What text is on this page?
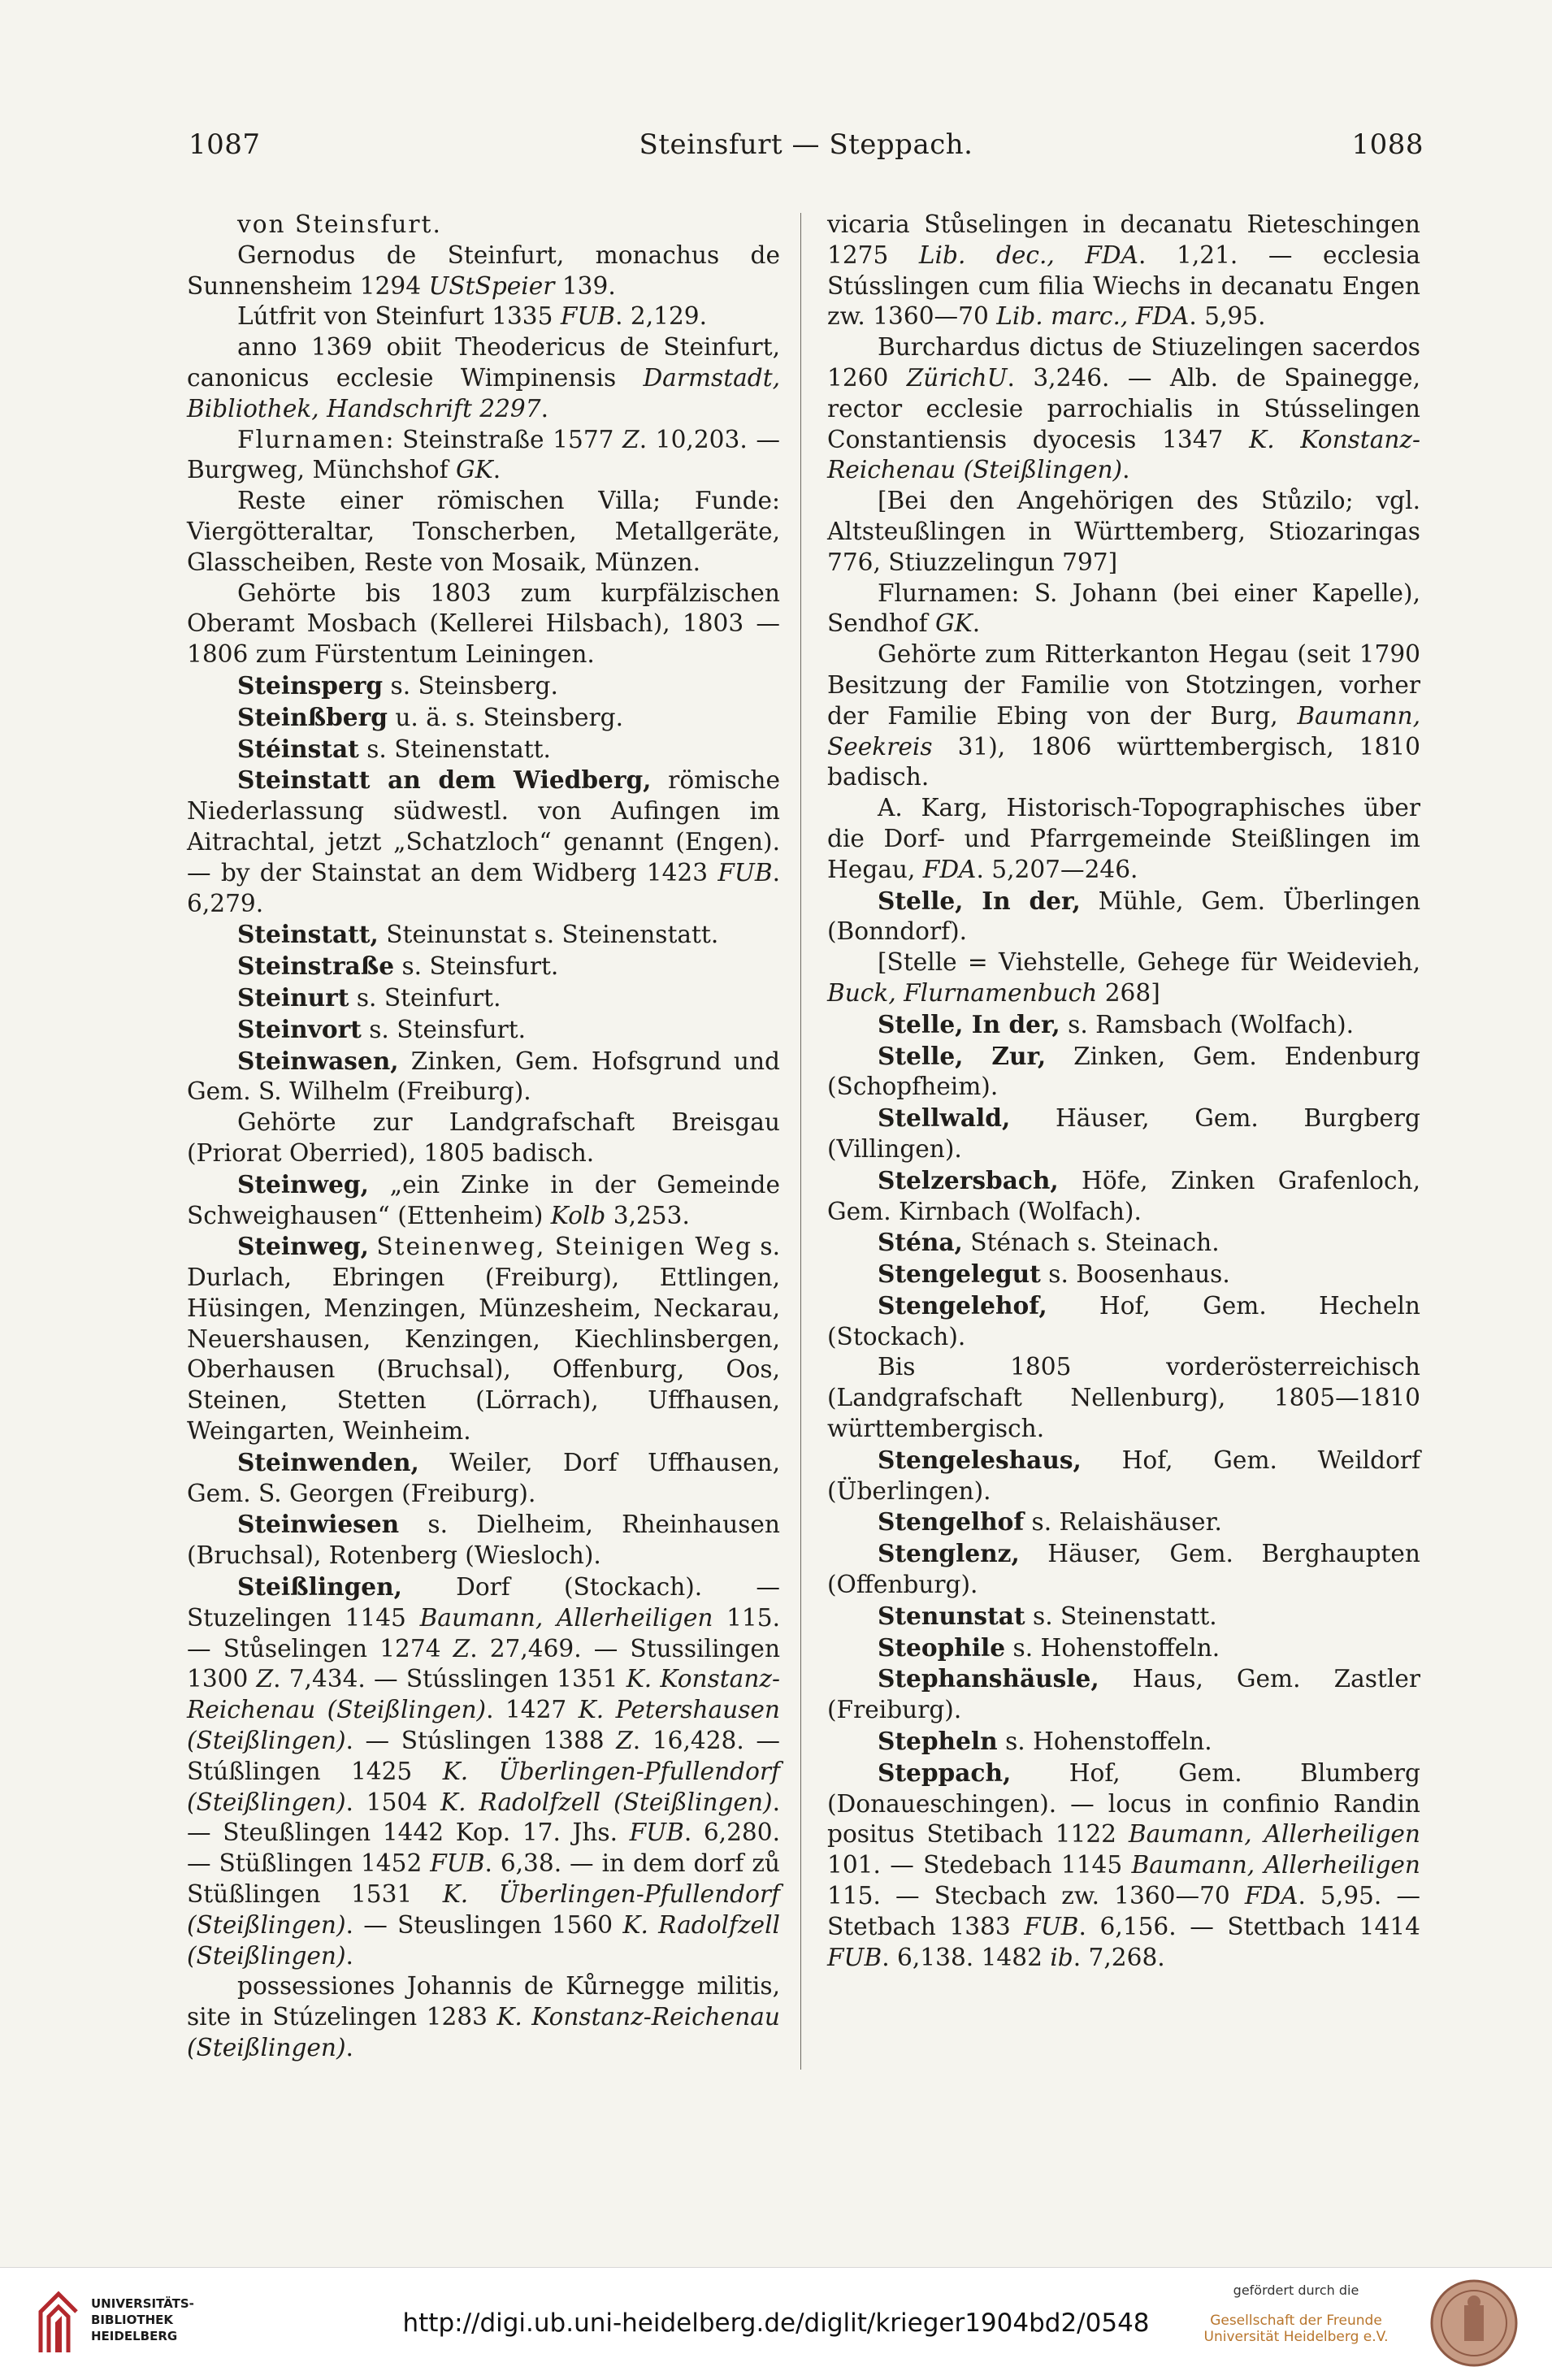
1087	Steinsfurt — Steppach.	1088

von Steinsfurt.

Gernodus de Steinfurt, monachus de Sunnensheim 1294 UStSpeier 139.

Lútfrit von Steinfurt 1335 FUB. 2,129.

anno 1369 obiit Theodericus de Steinfurt, canonicus ecclesie Wimpinensis Darmstadt, Bibliothek, Handschrift 2297.

Flurnamen: Steinstraße 1577 Z. 10,203. — Burgweg, Münchshof GK.

Reste einer römischen Villa; Funde: Viergötteraltar, Tonscherben, Metallgeräte, Glasscheiben, Reste von Mosaik, Münzen.

Gehörte bis 1803 zum kurpfälzischen Oberamt Mosbach (Kellerei Hilsbach), 1803 —1806 zum Fürstentum Leiningen.

Steinsperg s. Steinsberg.

Steinßberg u. ä. s. Steinsberg.

Stéinstat s. Steinenstatt.

Steinstatt an dem Wiedberg, römische Niederlassung südwestl. von Aufingen im Aitrachtal, jetzt „Schatzloch“ genannt (Engen). — by der Stainstat an dem Widberg 1423 FUB. 6,279.

Steinstatt, Steinunstat s. Steinenstatt.

Steinstraße s. Steinsfurt.

Steinurt s. Steinfurt.

Steinvort s. Steinsfurt.

Steinwasen, Zinken, Gem. Hofsgrund und Gem. S. Wilhelm (Freiburg).

Gehörte zur Landgrafschaft Breisgau (Priorat Oberried), 1805 badisch.

Steinweg, „ein Zinke in der Gemeinde Schweighausen“ (Ettenheim) Kolb 3,253.

Steinweg, Steinenweg, Steinigen Weg s. Durlach, Ebringen (Freiburg), Ettlingen, Hüsingen, Menzingen, Münzesheim, Neckarau, Neuershausen, Kenzingen, Kiechlinsbergen, Oberhausen (Bruchsal), Offenburg, Oos, Steinen, Stetten (Lörrach), Uffhausen, Weingarten, Weinheim.

Steinwenden, Weiler, Dorf Uffhausen, Gem. S. Georgen (Freiburg).

Steinwiesen s. Dielheim, Rheinhausen (Bruchsal), Rotenberg (Wiesloch).

Steißlingen, Dorf (Stockach). — Stuzelingen 1145 Baumann, Allerheiligen 115. — Stůselingen 1274 Z. 27,469. — Stussilingen 1300 Z. 7,434. — Stússlingen 1351 K. Konstanz-Reichenau (Steißlingen). 1427 K. Petershausen (Steißlingen). — Stúslingen 1388 Z. 16,428. — Stúßlingen 1425 K. Überlingen-Pfullendorf (Steißlingen). 1504 K. Radolfzell (Steißlingen). — Steußlingen 1442 Kop. 17. Jhs. FUB. 6,280. — Stüßlingen 1452 FUB. 6,38. — in dem dorf zů Stüßlingen 1531 K. Überlingen-Pfullendorf (Steißlingen). — Steuslingen 1560 K. Radolfzell (Steißlingen).

possessiones Johannis de Kůrnegge militis, site in Stúzelingen 1283 K. Konstanz-Reichenau (Steißlingen).

vicaria Stůselingen in decanatu Rieteschingen 1275 Lib. dec., FDA. 1,21. — ecclesia Stússlingen cum filia Wiechs in decanatu Engen zw. 1360—70 Lib. marc., FDA. 5,95.

Burchardus dictus de Stiuzelingen sacerdos 1260 ZürichU. 3,246. — Alb. de Spainegge, rector ecclesie parrochialis in Stússelingen Constantiensis dyocesis 1347 K. Konstanz-Reichenau (Steißlingen).

[Bei den Angehörigen des Stůzilo; vgl. Altsteußlingen in Württemberg, Stiozaringas 776, Stiuzzelingun 797]

Flurnamen: S. Johann (bei einer Kapelle), Sendhof GK.

Gehörte zum Ritterkanton Hegau (seit 1790 Besitzung der Familie von Stotzingen, vorher der Familie Ebing von der Burg, Baumann, Seekreis 31), 1806 württembergisch, 1810 badisch.

A. Karg, Historisch-Topographisches über die Dorf- und Pfarrgemeinde Steißlingen im Hegau, FDA. 5,207—246.

Stelle, In der, Mühle, Gem. Überlingen (Bonndorf).

[Stelle = Viehstelle, Gehege für Weidevieh, Buck, Flurnamenbuch 268]

Stelle, In der, s. Ramsbach (Wolfach).

Stelle, Zur, Zinken, Gem. Endenburg (Schopfheim).

Stellwald, Häuser, Gem. Burgberg (Villingen).

Stelzersbach, Höfe, Zinken Grafenloch, Gem. Kirnbach (Wolfach).

Sténa, Sténach s. Steinach.

Stengelegut s. Boosenhaus.

Stengelehof, Hof, Gem. Hecheln (Stockach).

Bis 1805 vorderösterreichisch (Landgrafschaft Nellenburg), 1805—1810 württembergisch.

Stengeleshaus, Hof, Gem. Weildorf (Überlingen).

Stengelhof s. Relaishäuser.

Stenglenz, Häuser, Gem. Berghaupten (Offenburg).

Stenunstat s. Steinenstatt.

Steophile s. Hohenstoffeln.

Stephanshäusle, Haus, Gem. Zastler (Freiburg).

Stepheln s. Hohenstoffeln.

Steppach, Hof, Gem. Blumberg (Donaueschingen). — locus in confinio Randin positus Stetibach 1122 Baumann, Allerheiligen 101. — Stedebach 1145 Baumann, Allerheiligen 115. — Stecbach zw. 1360—70 FDA. 5,95. — Stetbach 1383 FUB. 6,156. — Stettbach 1414 FUB. 6,138. 1482 ib. 7,268.

UNIVERSITÄTS-
BIBLIOTHEK
HEIDELBERG	http://digi.ub.uni-heidelberg.de/diglit/krieger1904bd2/0548
gefördert durch die
Gesellschaft der Freunde
Universität Heidelberg e.V.
